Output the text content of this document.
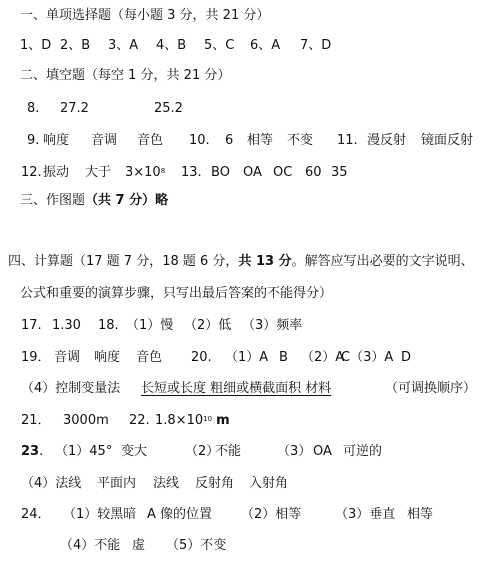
一、单项选择题（每小题 3 分，共 21 分）
1、D 2、B 3、A 4、B 5、C 6、A 7、D
二、填空题（每空 1 分，共 21 分）
8. 27.2	25.2
9. 响度 音调 音色 10. 6 相等 不变 11. 漫反射 镜面反射
12.振动 大于 $3\times 10^8$ 13. BO OA OC 60 35
三、作图题（共 7 分）略
四、计算题（17 题 7 分，18 题 6 分，共 13 分。解答应写出必要的文字说明、
公式和重要的演算步骤，只写出最后答案的不能得分）
17. 1.30 18. （1）慢 （2）低 （3）频率
19． 音调 响度 音色 20. （1）A B （2）AC（3）A D
（4）控制变量法 长短或长度 粗细或横截面积 材料	（可调换顺序）
21． 3000m 22. $1.8\times 10^{10}$ m
23. （1）45° 变大	（2）不能	（3） OA 可逆的
（4）法线 平面内 法线 反射角 入射角
24． （1）较黑暗 A 像的位置 （2）相等	（3）垂直 相等
（4）不能 虚 （5）不变
